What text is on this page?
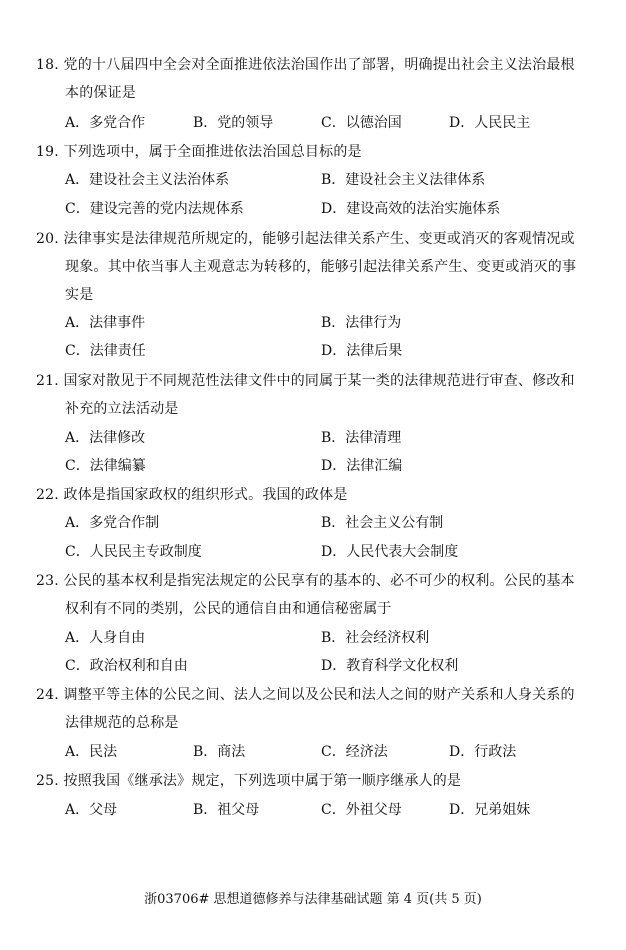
18. 党的十八届四中全会对全面推进依法治国作出了部署，明确提出社会主义法治最根
本的保证是
A．多党合作	B．党的领导	C．以德治国	D．人民民主
19. 下列选项中，属于全面推进依法治国总目标的是
A．建设社会主义法治体系	B．建设社会主义法律体系
C．建设完善的党内法规体系	D．建设高效的法治实施体系
20. 法律事实是法律规范所规定的，能够引起法律关系产生、变更或消灭的客观情况或
现象。其中依当事人主观意志为转移的，能够引起法律关系产生、变更或消灭的事
实是
A．法律事件	B．法律行为
C．法律责任	D．法律后果
21. 国家对散见于不同规范性法律文件中的同属于某一类的法律规范进行审查、修改和
补充的立法活动是
A．法律修改	B．法律清理
C．法律编纂	D．法律汇编
22. 政体是指国家政权的组织形式。我国的政体是
A．多党合作制	B．社会主义公有制
C．人民民主专政制度	D．人民代表大会制度
23. 公民的基本权利是指宪法规定的公民享有的基本的、必不可少的权利。公民的基本
权利有不同的类别，公民的通信自由和通信秘密属于
A．人身自由	B．社会经济权利
C．政治权利和自由	D．教育科学文化权利
24. 调整平等主体的公民之间、法人之间以及公民和法人之间的财产关系和人身关系的
法律规范的总称是
A．民法	B．商法	C．经济法	D．行政法
25. 按照我国《继承法》规定，下列选项中属于第一顺序继承人的是
A．父母	B．祖父母	C．外祖父母	D．兄弟姐妹
浙03706# 思想道德修养与法律基础试题 第 4 页(共 5 页)
